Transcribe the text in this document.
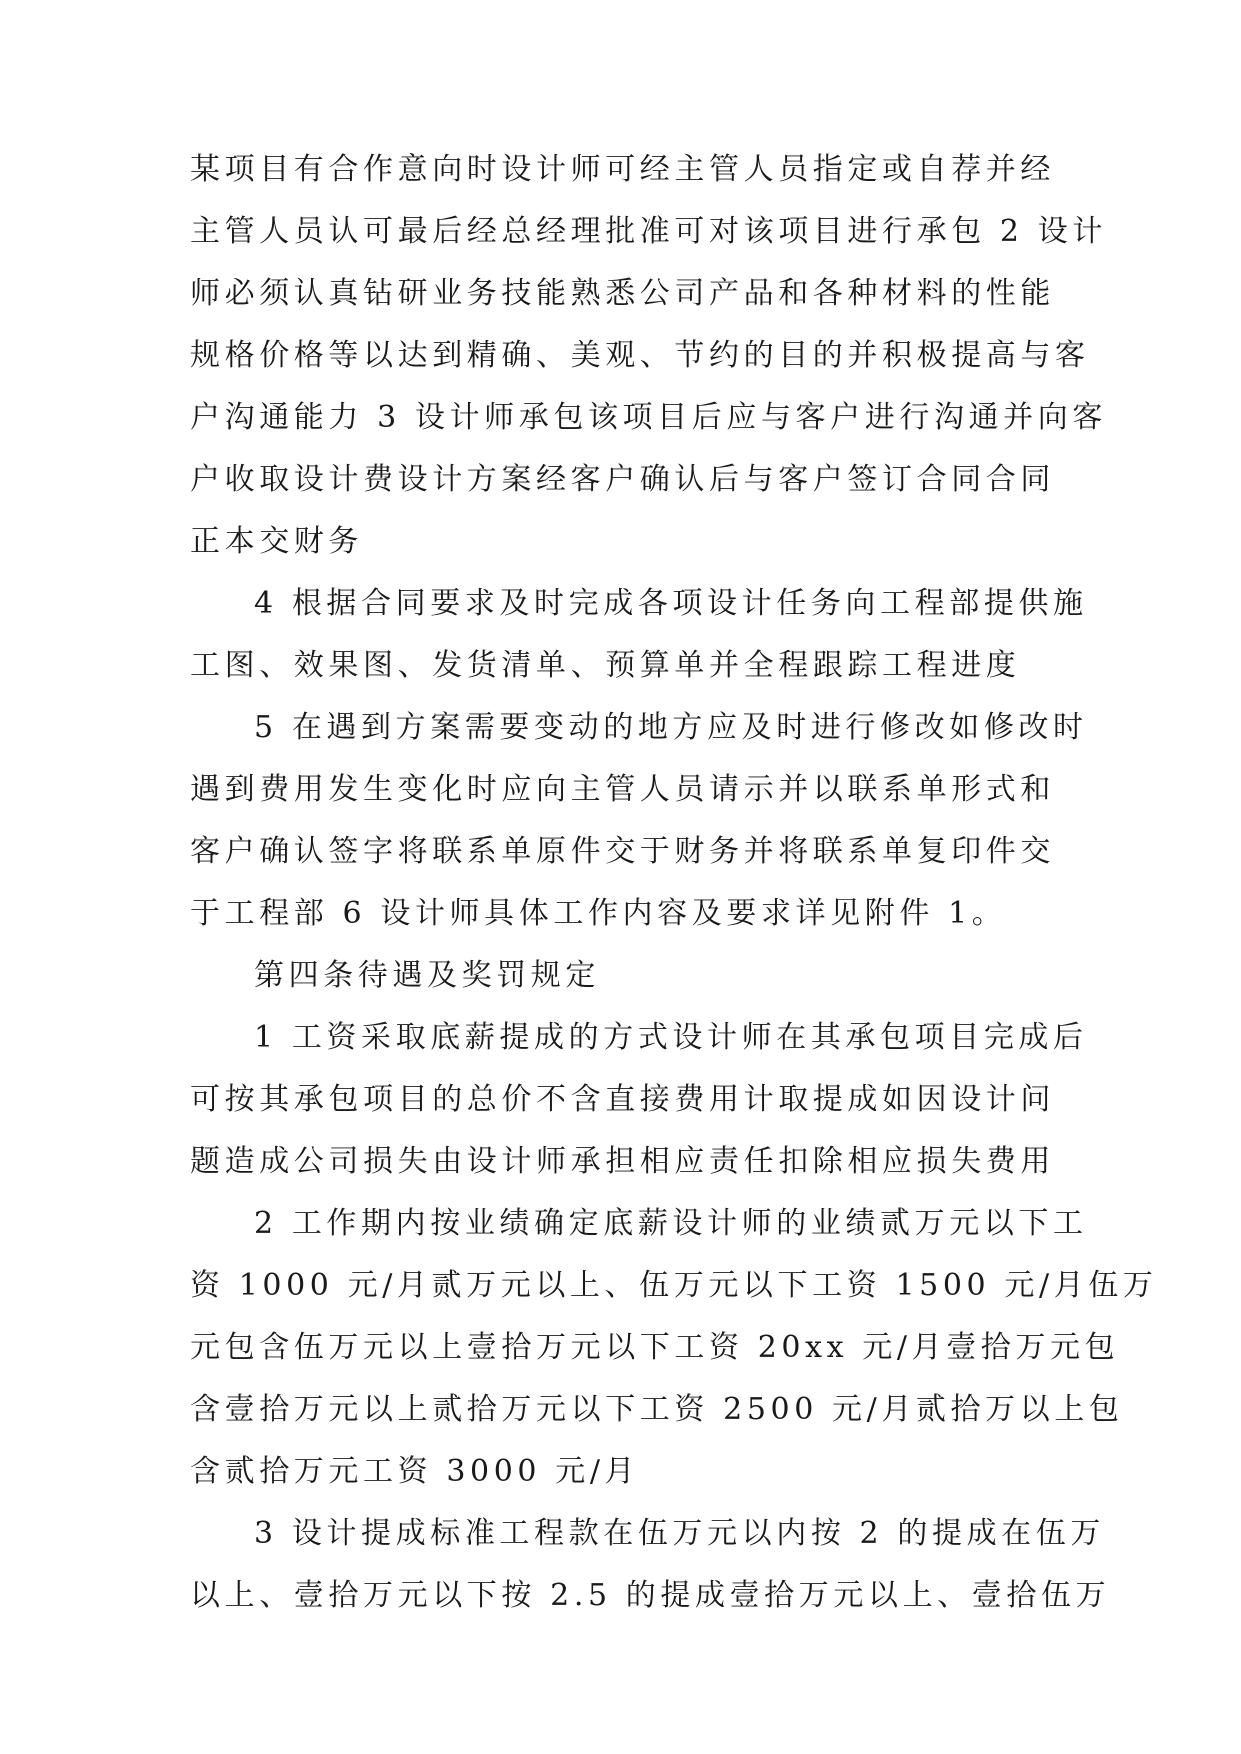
某项目有合作意向时设计师可经主管人员指定或自荐并经
主管人员认可最后经总经理批准可对该项目进行承包 2 设计
师必须认真钻研业务技能熟悉公司产品和各种材料的性能
规格价格等以达到精确、美观、节约的目的并积极提高与客
户沟通能力 3 设计师承包该项目后应与客户进行沟通并向客
户收取设计费设计方案经客户确认后与客户签订合同合同
正本交财务
4 根据合同要求及时完成各项设计任务向工程部提供施
工图、效果图、发货清单、预算单并全程跟踪工程进度
5 在遇到方案需要变动的地方应及时进行修改如修改时
遇到费用发生变化时应向主管人员请示并以联系单形式和
客户确认签字将联系单原件交于财务并将联系单复印件交
于工程部 6 设计师具体工作内容及要求详见附件 1。
第四条待遇及奖罚规定
1 工资采取底薪提成的方式设计师在其承包项目完成后
可按其承包项目的总价不含直接费用计取提成如因设计问
题造成公司损失由设计师承担相应责任扣除相应损失费用
2 工作期内按业绩确定底薪设计师的业绩贰万元以下工
资 1000 元/月贰万元以上、伍万元以下工资 1500 元/月伍万
元包含伍万元以上壹拾万元以下工资 20xx 元/月壹拾万元包
含壹拾万元以上贰拾万元以下工资 2500 元/月贰拾万以上包
含贰拾万元工资 3000 元/月
3 设计提成标准工程款在伍万元以内按 2 的提成在伍万
以上、壹拾万元以下按 2.5 的提成壹拾万元以上、壹拾伍万
